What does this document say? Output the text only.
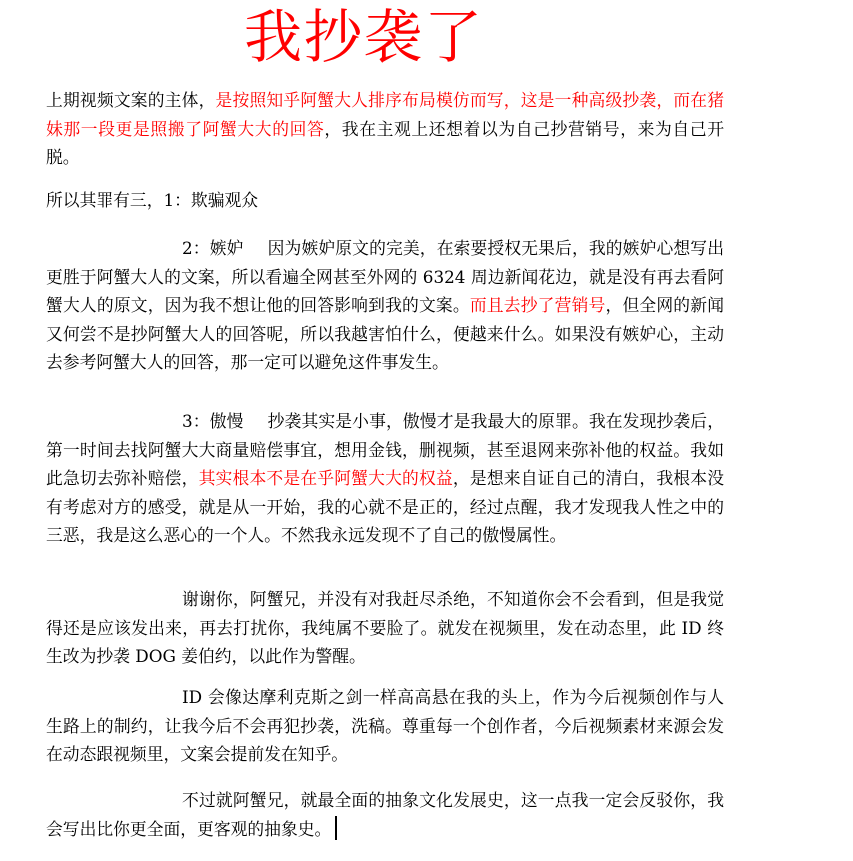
我抄袭了

上期视频文案的主体，是按照知乎阿蟹大人排序布局模仿而写，这是一种高级抄袭，而在猪妹那一段更是照搬了阿蟹大大的回答，我在主观上还想着以为自己抄营销号，来为自己开脱。

所以其罪有三，1：欺骗观众

2：嫉妒 因为嫉妒原文的完美，在索要授权无果后，我的嫉妒心想写出更胜于阿蟹大人的文案，所以看遍全网甚至外网的 6324 周边新闻花边，就是没有再去看阿蟹大人的原文，因为我不想让他的回答影响到我的文案。而且去抄了营销号，但全网的新闻又何尝不是抄阿蟹大人的回答呢，所以我越害怕什么，便越来什么。如果没有嫉妒心，主动去参考阿蟹大人的回答，那一定可以避免这件事发生。

3：傲慢 抄袭其实是小事，傲慢才是我最大的原罪。我在发现抄袭后，第一时间去找阿蟹大大商量赔偿事宜，想用金钱，删视频，甚至退网来弥补他的权益。我如此急切去弥补赔偿，其实根本不是在乎阿蟹大大的权益，是想来自证自己的清白，我根本没有考虑对方的感受，就是从一开始，我的心就不是正的，经过点醒，我才发现我人性之中的三恶，我是这么恶心的一个人。不然我永远发现不了自己的傲慢属性。

谢谢你，阿蟹兄，并没有对我赶尽杀绝，不知道你会不会看到，但是我觉得还是应该发出来，再去打扰你，我纯属不要脸了。就发在视频里，发在动态里，此 ID 终生改为抄袭 DOG 姜伯约，以此作为警醒。

ID 会像达摩利克斯之剑一样高高悬在我的头上，作为今后视频创作与人生路上的制约，让我今后不会再犯抄袭，洗稿。尊重每一个创作者，今后视频素材来源会发在动态跟视频里，文案会提前发在知乎。

不过就阿蟹兄，就最全面的抽象文化发展史，这一点我一定会反驳你，我会写出比你更全面，更客观的抽象史。
